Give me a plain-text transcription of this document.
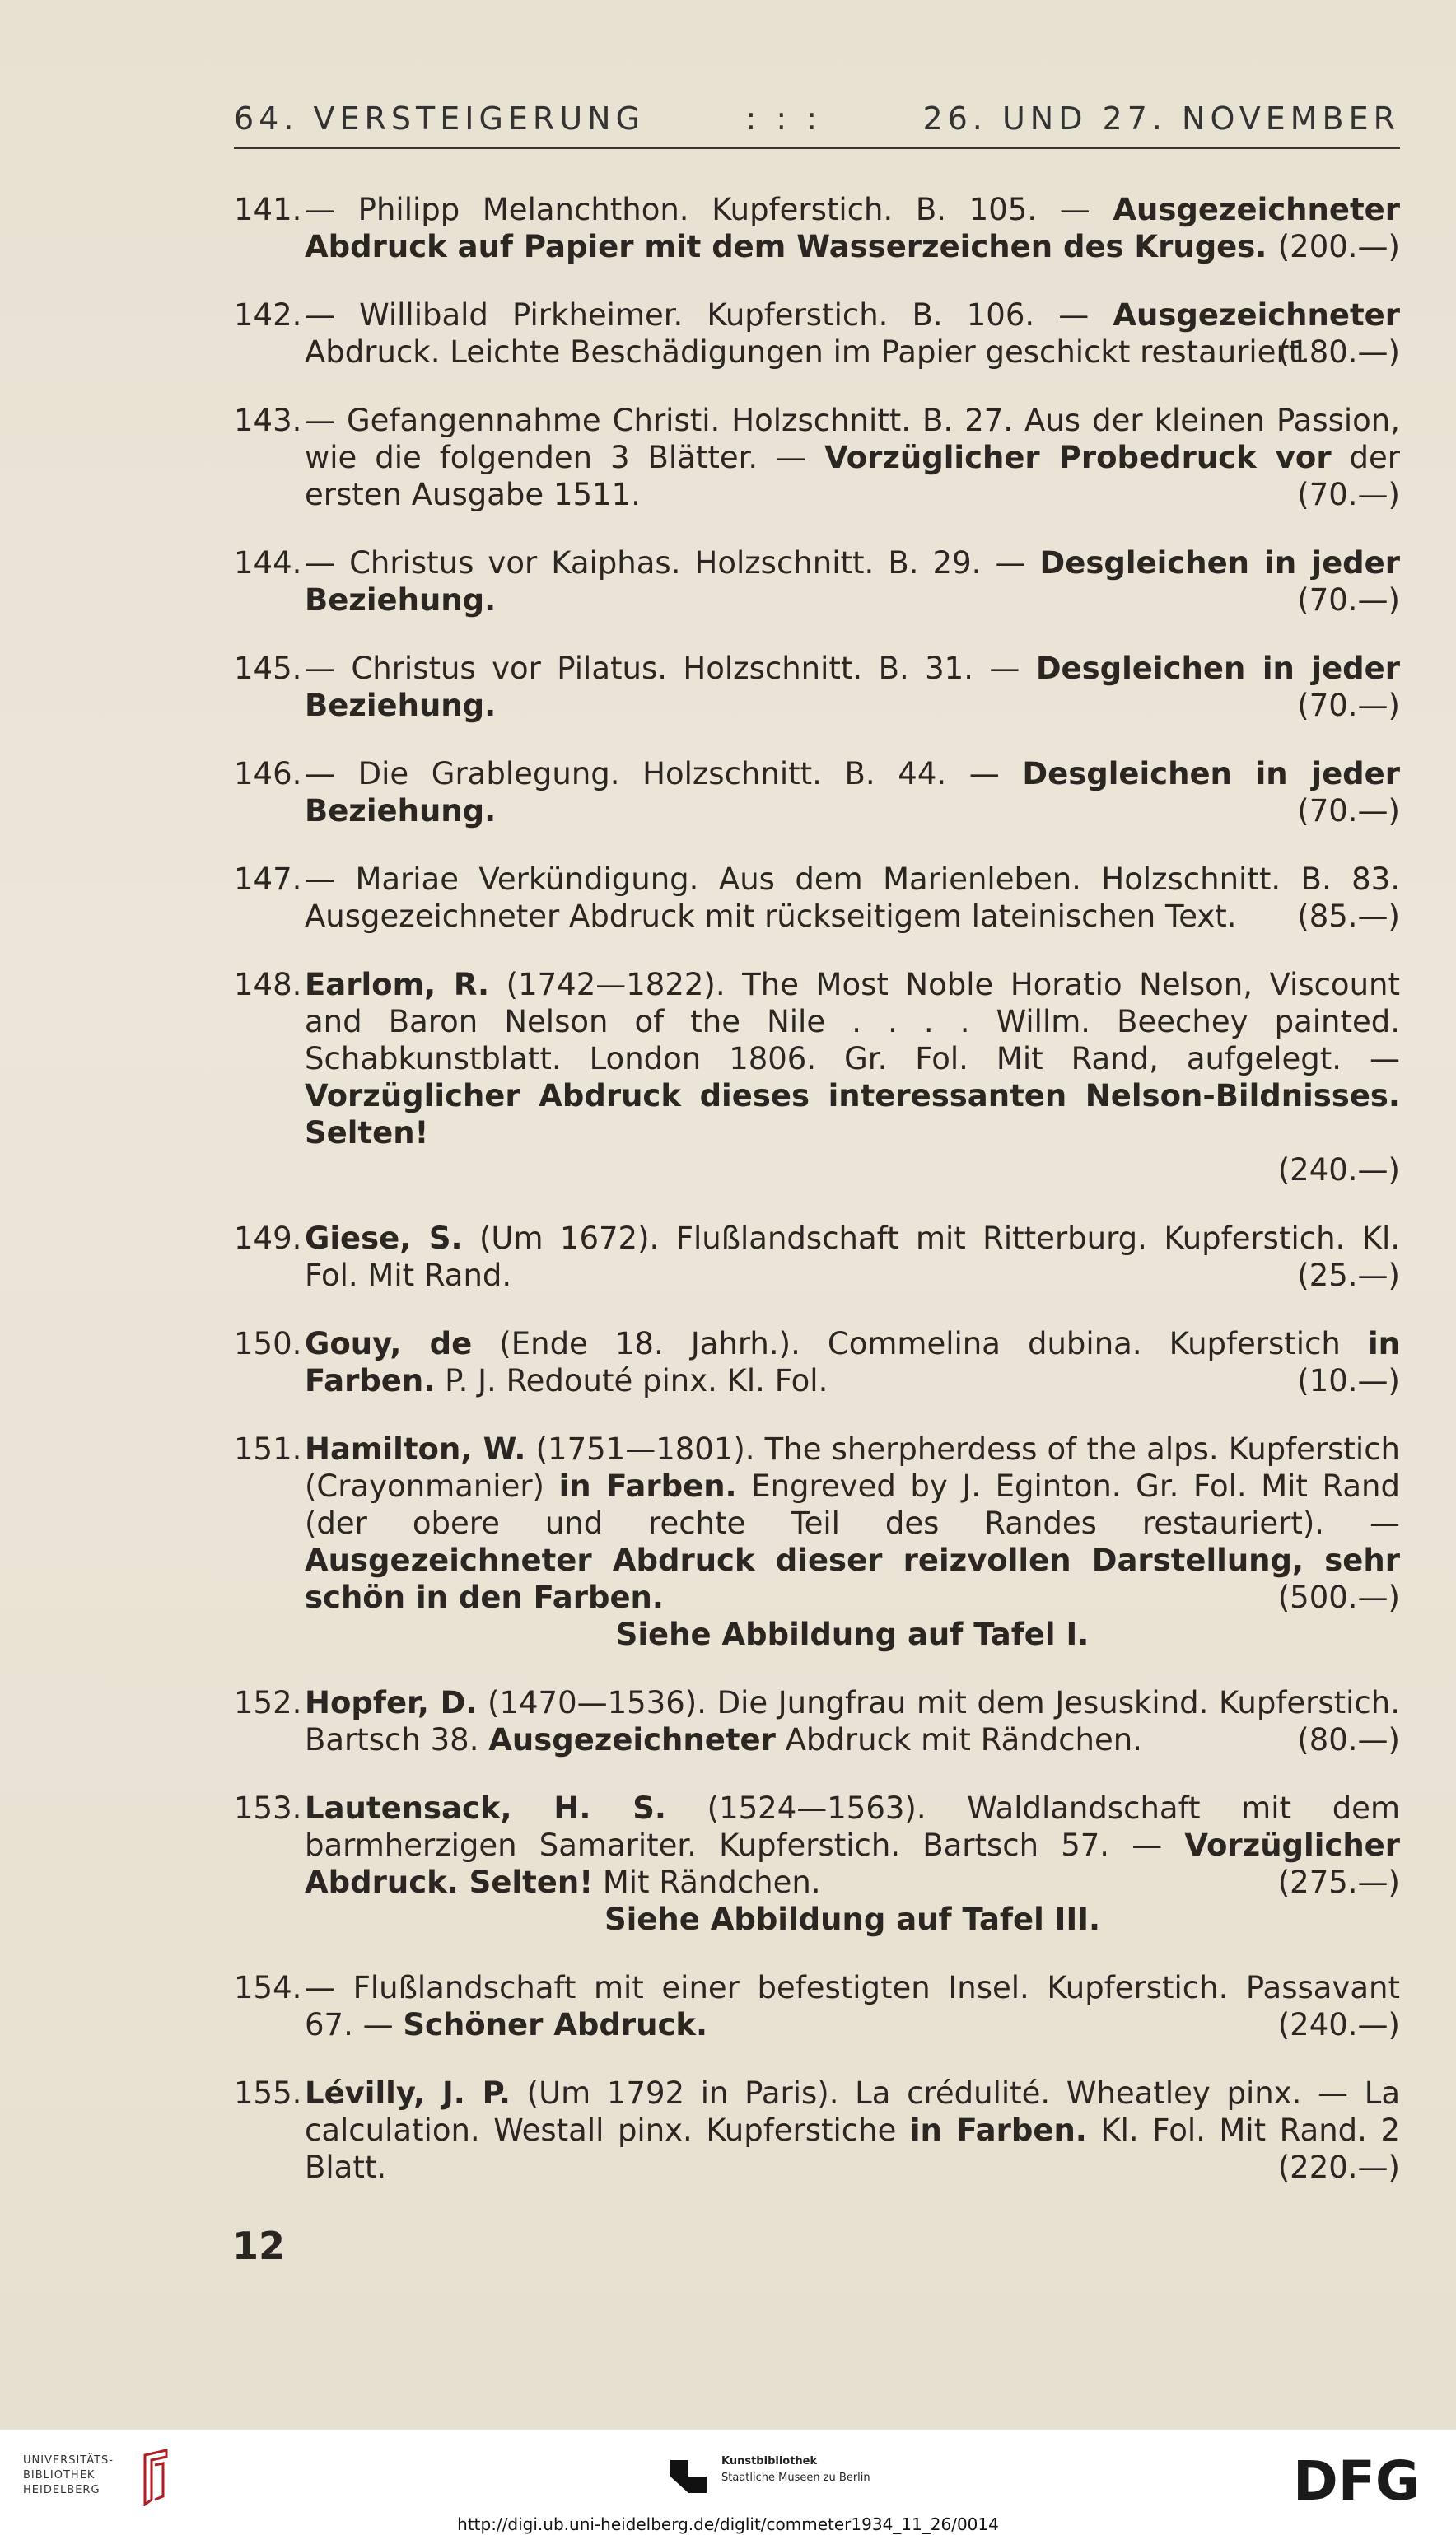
64. VERSTEIGERUNG	: : :	26. UND 27. NOVEMBER
141. — Philipp Melanchthon. Kupferstich. B. 105. — Ausgezeichneter Abdruck auf Papier mit dem Wasserzeichen des Kruges. (200.—)
142. — Willibald Pirkheimer. Kupferstich. B. 106. — Ausgezeichneter Abdruck. Leichte Beschädigungen im Papier geschickt restauriert.
(180.—)
143. — Gefangennahme Christi. Holzschnitt. B. 27. Aus der kleinen Passion, wie die folgenden 3 Blätter. — Vorzüglicher Probedruck vor der ersten Ausgabe 1511.	(70.—)
144. — Christus vor Kaiphas. Holzschnitt. B. 29. — Desgleichen in jeder Beziehung.	(70.—)
145. — Christus vor Pilatus. Holzschnitt. B. 31. — Desgleichen in jeder Beziehung.	(70.—)
146. — Die Grablegung. Holzschnitt. B. 44. — Desgleichen in jeder Beziehung.	(70.—)
147. — Mariae Verkündigung. Aus dem Marienleben. Holzschnitt. B. 83. Ausgezeichneter Abdruck mit rückseitigem lateinischen Text.	(85.—)
148. Earlom, R. (1742—1822). The Most Noble Horatio Nelson, Viscount and Baron Nelson of the Nile . . . . Willm. Beechey painted. Schabkunstblatt. London 1806. Gr. Fol. Mit Rand, aufgelegt. — Vorzüglicher Abdruck dieses interessanten Nelson-Bildnisses. Selten!
(240.—)
149. Giese, S. (Um 1672). Flußlandschaft mit Ritterburg. Kupferstich. Kl. Fol. Mit Rand.	(25.—)
150. Gouy, de (Ende 18. Jahrh.). Commelina dubina. Kupferstich in Farben. P. J. Redouté pinx. Kl. Fol.	(10.—)
151. Hamilton, W. (1751—1801). The sherpherdess of the alps. Kupferstich (Crayonmanier) in Farben. Engreved by J. Eginton. Gr. Fol. Mit Rand (der obere und rechte Teil des Randes restauriert). — Ausgezeichneter Abdruck dieser reizvollen Darstellung, sehr schön in den Farben.	(500.—)
Siehe Abbildung auf Tafel I.
152. Hopfer, D. (1470—1536). Die Jungfrau mit dem Jesuskind. Kupferstich. Bartsch 38. Ausgezeichneter Abdruck mit Rändchen.	(80.—)
153. Lautensack, H. S. (1524—1563). Waldlandschaft mit dem barmherzigen Samariter. Kupferstich. Bartsch 57. — Vorzüglicher Abdruck. Selten! Mit Rändchen.	(275.—)
Siehe Abbildung auf Tafel III.
154. — Flußlandschaft mit einer befestigten Insel. Kupferstich. Passavant 67. — Schöner Abdruck.	(240.—)
155. Lévilly, J. P. (Um 1792 in Paris). La crédulité. Wheatley pinx. — La calculation. Westall pinx. Kupferstiche in Farben. Kl. Fol. Mit Rand. 2 Blatt.	(220.—)
12
UNIVERSITÄTS-
BIBLIOTHEK
HEIDELBERG
Kunstbibliothek
Staatliche Museen zu Berlin	DFG
http://digi.ub.uni-heidelberg.de/diglit/commeter1934_11_26/0014
